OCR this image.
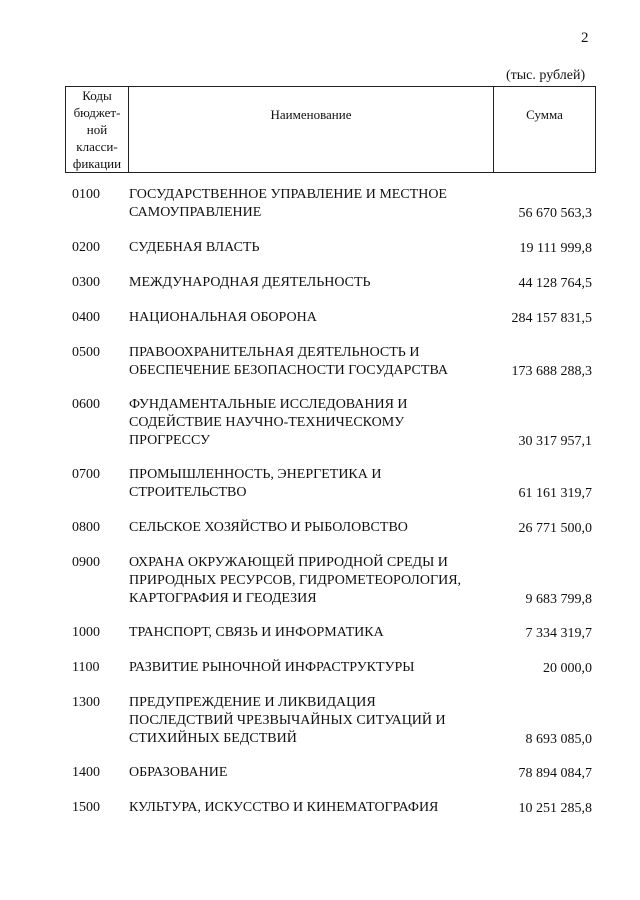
2
(тыс. рублей)
Коды
бюджет-
ной
класси-
фикации
	Наименование	Сумма
0100 ГОСУДАРСТВЕННОЕ УПРАВЛЕНИЕ И МЕСТНОЕ
САМОУПРАВЛЕНИЕ	56 670 563,3
0200 СУДЕБНАЯ ВЛАСТЬ	19 111 999,8
0300 МЕЖДУНАРОДНАЯ ДЕЯТЕЛЬНОСТЬ	44 128 764,5
0400 НАЦИОНАЛЬНАЯ ОБОРОНА	284 157 831,5
0500 ПРАВООХРАНИТЕЛЬНАЯ ДЕЯТЕЛЬНОСТЬ И
ОБЕСПЕЧЕНИЕ БЕЗОПАСНОСТИ ГОСУДАРСТВА	173 688 288,3
0600 ФУНДАМЕНТАЛЬНЫЕ ИССЛЕДОВАНИЯ И
СОДЕЙСТВИЕ НАУЧНО-ТЕХНИЧЕСКОМУ
ПРОГРЕССУ	30 317 957,1
0700 ПРОМЫШЛЕННОСТЬ, ЭНЕРГЕТИКА И
СТРОИТЕЛЬСТВО	61 161 319,7
0800 СЕЛЬСКОЕ ХОЗЯЙСТВО И РЫБОЛОВСТВО	26 771 500,0
0900 ОХРАНА ОКРУЖАЮЩЕЙ ПРИРОДНОЙ СРЕДЫ И
ПРИРОДНЫХ РЕСУРСОВ, ГИДРОМЕТЕОРОЛОГИЯ,
КАРТОГРАФИЯ И ГЕОДЕЗИЯ	9 683 799,8
1000 ТРАНСПОРТ, СВЯЗЬ И ИНФОРМАТИКА	7 334 319,7
1100 РАЗВИТИЕ РЫНОЧНОЙ ИНФРАСТРУКТУРЫ	20 000,0
1300 ПРЕДУПРЕЖДЕНИЕ И ЛИКВИДАЦИЯ
ПОСЛЕДСТВИЙ ЧРЕЗВЫЧАЙНЫХ СИТУАЦИЙ И
СТИХИЙНЫХ БЕДСТВИЙ	8 693 085,0
1400 ОБРАЗОВАНИЕ	78 894 084,7
1500 КУЛЬТУРА, ИСКУССТВО И КИНЕМАТОГРАФИЯ	10 251 285,8
